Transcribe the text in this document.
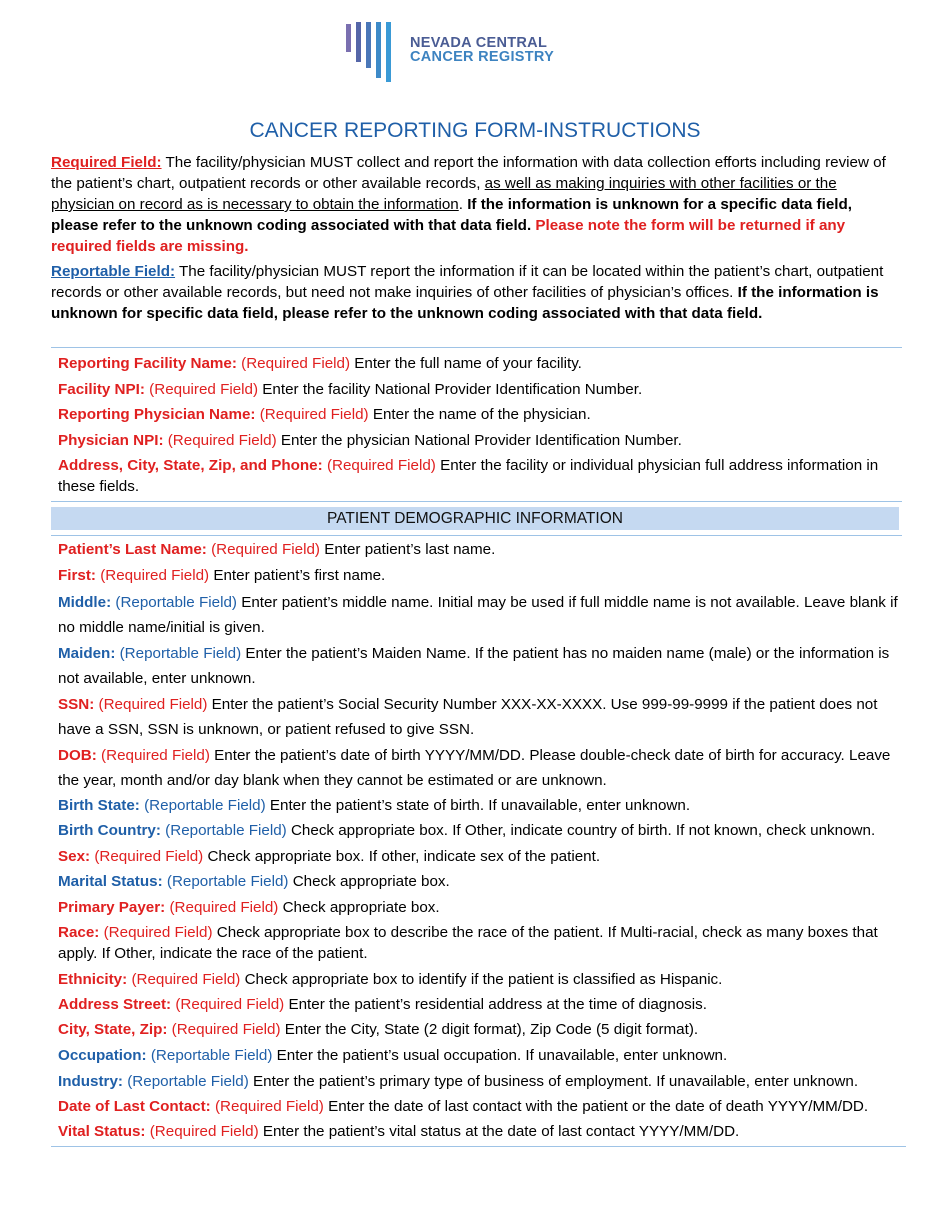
NEVADA CENTRAL
CANCER REGISTRY
CANCER REPORTING FORM-INSTRUCTIONS

Required Field: The facility/physician MUST collect and report the information with data collection efforts including review of the patient’s chart, outpatient records or other available records, as well as making inquiries with other facilities or the physician on record as is necessary to obtain the information. If the information is unknown for a specific data field, please refer to the unknown coding associated with that data field. Please note the form will be returned if any required fields are missing.

Reportable Field: The facility/physician MUST report the information if it can be located within the patient’s chart, outpatient records or other available records, but need not make inquiries of other facilities of physician’s offices. If the information is unknown for specific data field, please refer to the unknown coding associated with that data field.

Reporting Facility Name: (Required Field) Enter the full name of your facility.
Facility NPI: (Required Field) Enter the facility National Provider Identification Number.
Reporting Physician Name: (Required Field) Enter the name of the physician.
Physician NPI: (Required Field) Enter the physician National Provider Identification Number.
Address, City, State, Zip, and Phone: (Required Field) Enter the facility or individual physician full address information in these fields.
PATIENT DEMOGRAPHIC INFORMATION
Patient’s Last Name: (Required Field) Enter patient’s last name.
First: (Required Field) Enter patient’s first name.
Middle: (Reportable Field) Enter patient’s middle name. Initial may be used if full middle name is not available. Leave blank if no middle name/initial is given.
Maiden: (Reportable Field) Enter the patient’s Maiden Name. If the patient has no maiden name (male) or the information is not available, enter unknown.
SSN: (Required Field) Enter the patient’s Social Security Number XXX-XX-XXXX. Use 999-99-9999 if the patient does not have a SSN, SSN is unknown, or patient refused to give SSN.
DOB: (Required Field) Enter the patient’s date of birth YYYY/MM/DD. Please double-check date of birth for accuracy. Leave the year, month and/or day blank when they cannot be estimated or are unknown.
Birth State: (Reportable Field) Enter the patient’s state of birth. If unavailable, enter unknown.
Birth Country: (Reportable Field) Check appropriate box. If Other, indicate country of birth. If not known, check unknown.
Sex: (Required Field) Check appropriate box. If other, indicate sex of the patient.
Marital Status: (Reportable Field) Check appropriate box.
Primary Payer: (Required Field) Check appropriate box.
Race: (Required Field) Check appropriate box to describe the race of the patient. If Multi-racial, check as many boxes that apply. If Other, indicate the race of the patient.
Ethnicity: (Required Field) Check appropriate box to identify if the patient is classified as Hispanic.
Address Street: (Required Field) Enter the patient’s residential address at the time of diagnosis.
City, State, Zip: (Required Field) Enter the City, State (2 digit format), Zip Code (5 digit format).
Occupation: (Reportable Field) Enter the patient’s usual occupation. If unavailable, enter unknown.
Industry: (Reportable Field) Enter the patient’s primary type of business of employment. If unavailable, enter unknown.
Date of Last Contact: (Required Field) Enter the date of last contact with the patient or the date of death YYYY/MM/DD.
Vital Status: (Required Field) Enter the patient’s vital status at the date of last contact YYYY/MM/DD.
